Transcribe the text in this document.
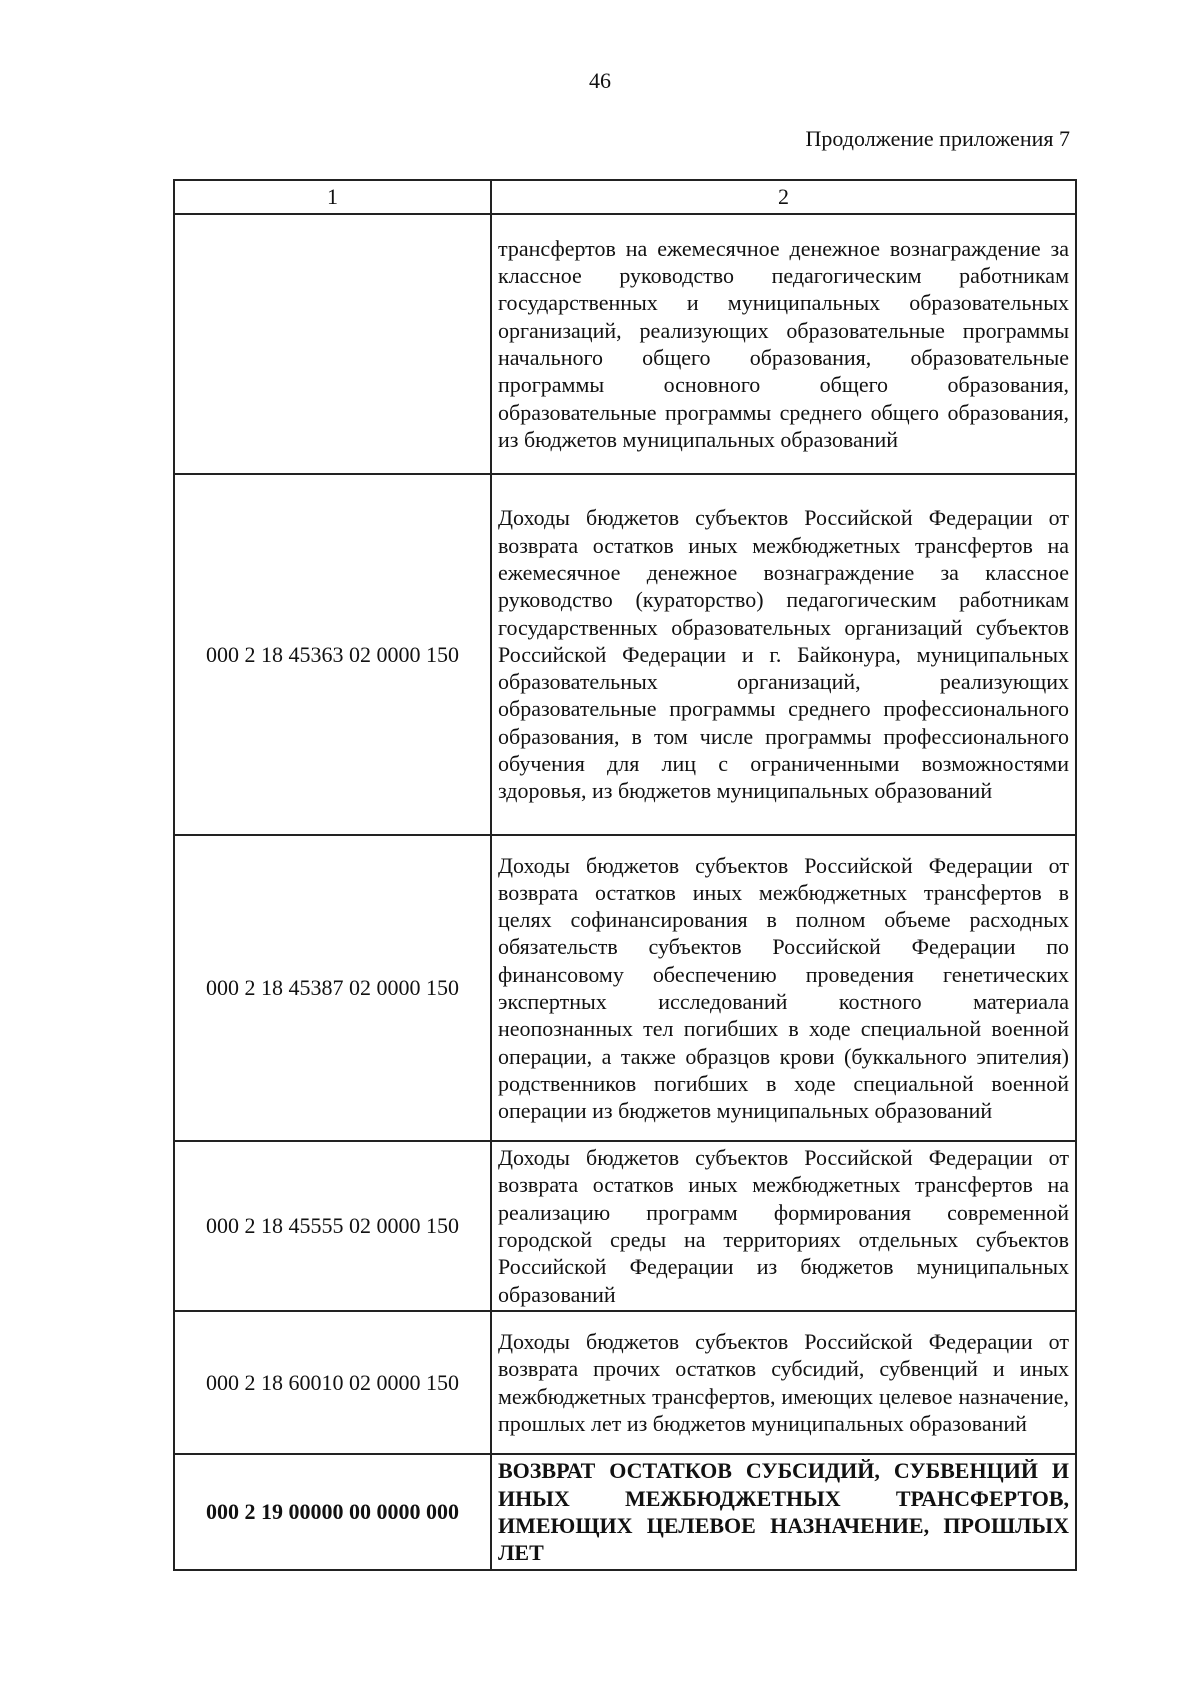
46
Продолжение приложения 7
1	2
	трансфертов на ежемесячное денежное вознаграждение за классное руководство педагогическим работникам государственных и муниципальных образовательных организаций, реализующих образовательные программы начального общего образования, образовательные программы основного общего образования, образовательные программы среднего общего образования, из бюджетов муниципальных образований
000 2 18 45363 02 0000 150	Доходы бюджетов субъектов Российской Федерации от возврата остатков иных межбюджетных трансфертов на ежемесячное денежное вознаграждение за классное руководство (кураторство) педагогическим работникам государственных образовательных организаций субъектов Российской Федерации и г. Байконура, муниципальных образовательных организаций, реализующих образовательные программы среднего профессионального образования, в том числе программы профессионального обучения для лиц с ограниченными возможностями здоровья, из бюджетов муниципальных образований
000 2 18 45387 02 0000 150	Доходы бюджетов субъектов Российской Федерации от возврата остатков иных межбюджетных трансфертов в целях софинансирования в полном объеме расходных обязательств субъектов Российской Федерации по финансовому обеспечению проведения генетических экспертных исследований костного материала неопознанных тел погибших в ходе специальной военной операции, а также образцов крови (буккального эпителия) родственников погибших в ходе специальной военной операции из бюджетов муниципальных образований
000 2 18 45555 02 0000 150	Доходы бюджетов субъектов Российской Федерации от возврата остатков иных межбюджетных трансфертов на реализацию программ формирования современной городской среды на территориях отдельных субъектов Российской Федерации из бюджетов муниципальных образований
000 2 18 60010 02 0000 150	Доходы бюджетов субъектов Российской Федерации от возврата прочих остатков субсидий, субвенций и иных межбюджетных трансфертов, имеющих целевое назначение, прошлых лет из бюджетов муниципальных образований
000 2 19 00000 00 0000 000	ВОЗВРАТ ОСТАТКОВ СУБСИДИЙ, СУБВЕНЦИЙ И ИНЫХ МЕЖБЮДЖЕТНЫХ ТРАНСФЕРТОВ, ИМЕЮЩИХ ЦЕЛЕВОЕ НАЗНАЧЕНИЕ, ПРОШЛЫХ ЛЕТ
